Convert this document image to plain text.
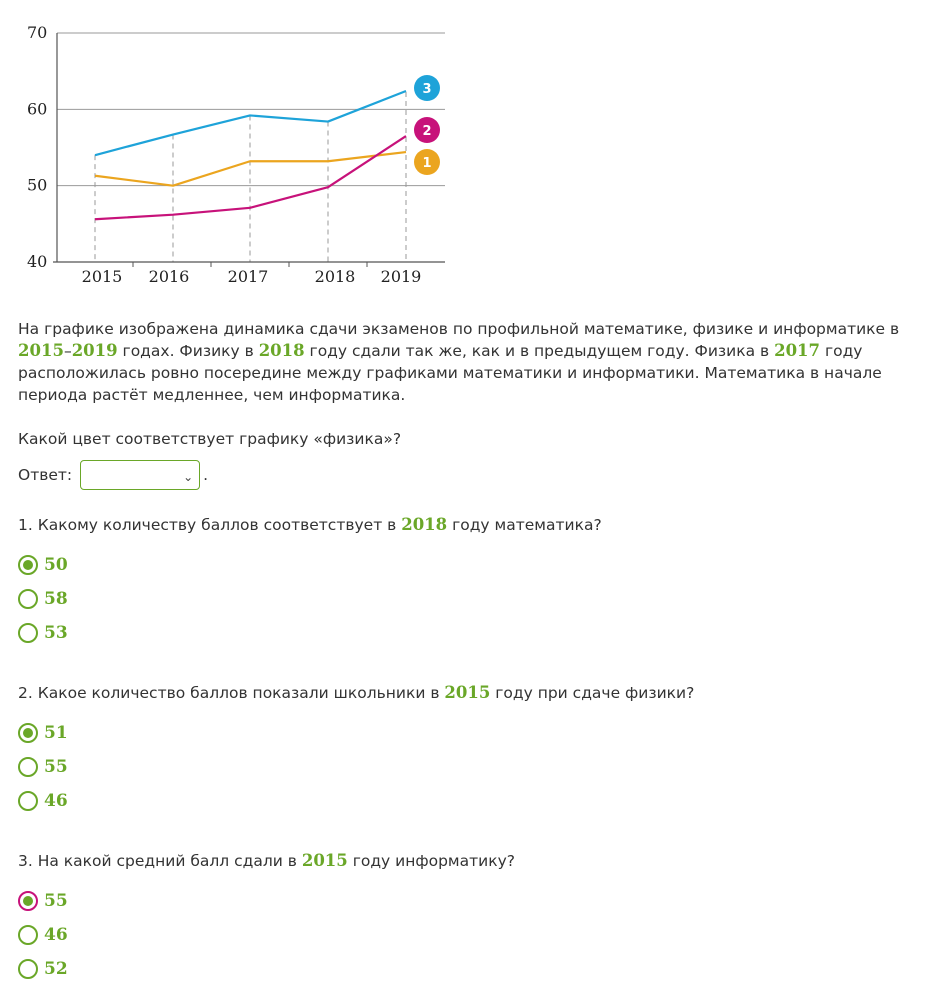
70
60
50
40
2015 2016 2017	2018 2019
1
2
3

На графике изображена динамика сдачи экзаменов по профильной математике, физике и информатике в 2015–2019 годах. Физику в 2018 году сдали так же, как и в предыдущем году. Физика в 2017 году расположилась ровно посередине между графиками математики и информатики. Математика в начале периода растёт медленнее, чем информатика.

Какой цвет соответствует графику «физика»?

Ответ:	⌄ .

1. Какому количеству баллов соответствует в 2018 году математика?

50
58
53

2. Какое количество баллов показали школьники в 2015 году при сдаче физики?

51
55
46

3. На какой средний балл сдали в 2015 году информатику?

55
46
52
